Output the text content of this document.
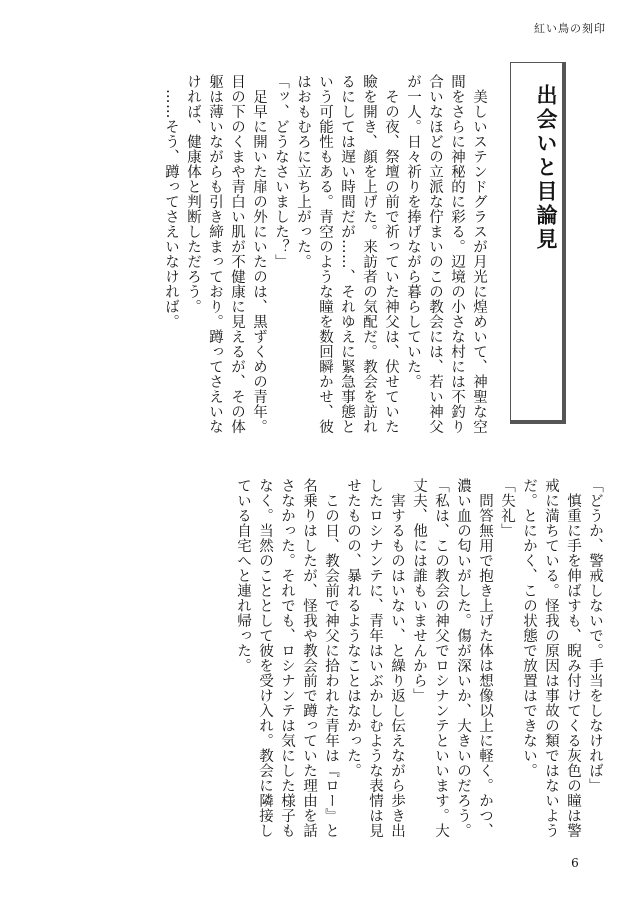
紅い鳥の刻印
出会いと目論見

　美しいステンドグラスが月光に煌めいて、神聖な空間をさらに神秘的に彩る。辺境の小さな村には不釣り合いなほどの立派な佇まいのこの教会には、若い神父が一人。日々祈りを捧げながら暮らしていた。

　その夜、祭壇の前で祈っていた神父は、伏せていた瞼を開き、顔を上げた。来訪者の気配だ。教会を訪れるにしては遅い時間だが……、それゆえに緊急事態という可能性もある。青空のような瞳を数回瞬かせ、彼はおもむろに立ち上がった。

「ッ、どうなさいました？」

　足早に開いた扉の外にいたのは、黒ずくめの青年。目の下のくまや青白い肌が不健康に見えるが、その体躯は薄いながらも引き締まっており。蹲ってさえいなければ、健康体と判断しただろう。

　……そう、蹲ってさえいなければ。

「どうか、警戒しないで。手当をしなければ」

　慎重に手を伸ばすも、睨み付けてくる灰色の瞳は警戒に満ちている。怪我の原因は事故の類ではないようだ。とにかく、この状態で放置はできない。

「失礼」

　問答無用で抱き上げた体は想像以上に軽く。かつ、濃い血の匂いがした。傷が深いか、大きいのだろう。

「私は、この教会の神父でロシナンテといいます。大丈夫、他には誰もいませんから」

　害するものはいない、と繰り返し伝えながら歩き出したロシナンテに、青年はいぶかしむような表情は見せたものの、暴れるようなことはなかった。

　この日、教会前で神父に拾われた青年は『ロー』と名乗りはしたが、怪我や教会前で蹲っていた理由を話さなかった。それでも、ロシナンテは気にした様子もなく。当然のこととして彼を受け入れ。教会に隣接している自宅へと連れ帰った。

6
